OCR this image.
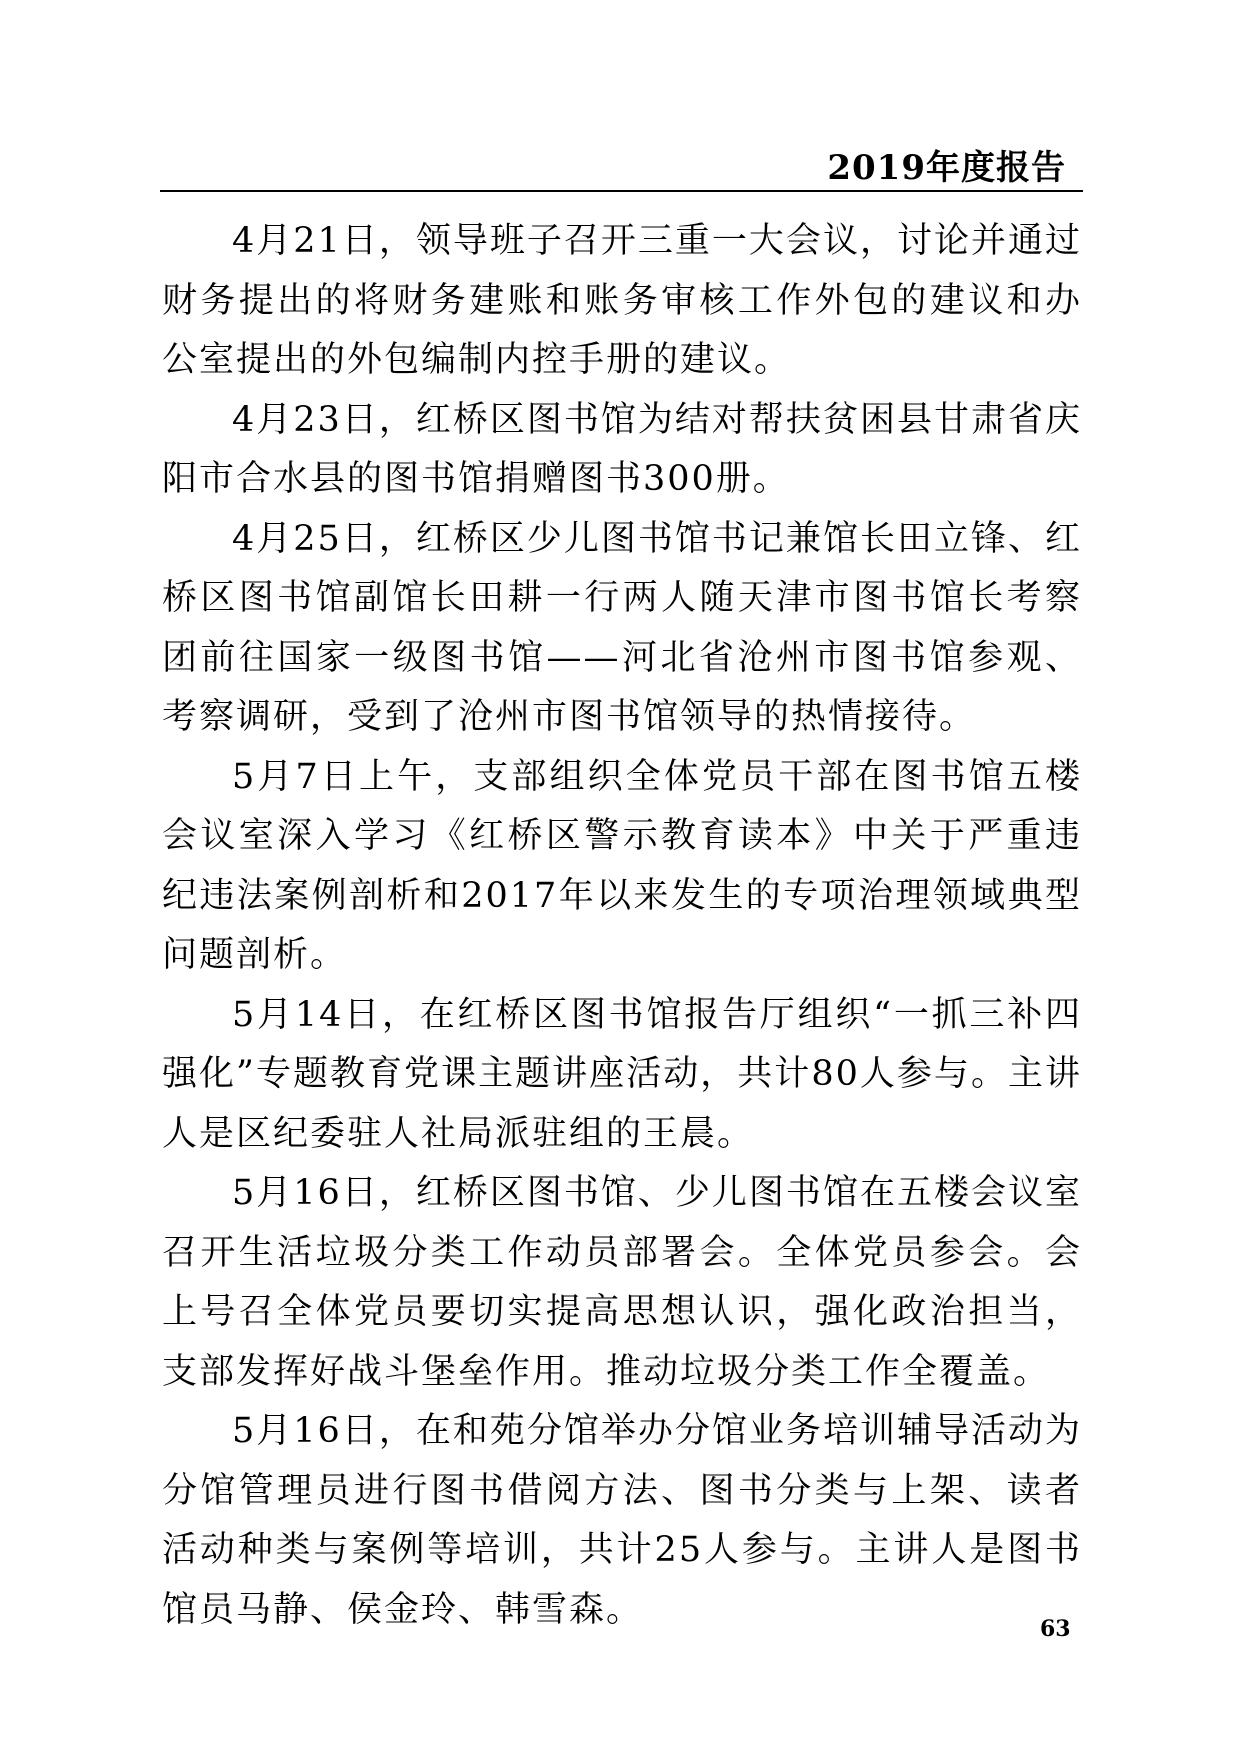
2019年度报告

4月21日，领导班子召开三重一大会议，讨论并通过财务提出的将财务建账和账务审核工作外包的建议和办公室提出的外包编制内控手册的建议。

4月23日，红桥区图书馆为结对帮扶贫困县甘肃省庆阳市合水县的图书馆捐赠图书300册。

4月25日，红桥区少儿图书馆书记兼馆长田立锋、红桥区图书馆副馆长田耕一行两人随天津市图书馆长考察团前往国家一级图书馆——河北省沧州市图书馆参观、考察调研，受到了沧州市图书馆领导的热情接待。

5月7日上午，支部组织全体党员干部在图书馆五楼会议室深入学习《红桥区警示教育读本》中关于严重违纪违法案例剖析和2017年以来发生的专项治理领域典型问题剖析。

5月14日，在红桥区图书馆报告厅组织“一抓三补四强化”专题教育党课主题讲座活动，共计80人参与。主讲人是区纪委驻人社局派驻组的王晨。

5月16日，红桥区图书馆、少儿图书馆在五楼会议室召开生活垃圾分类工作动员部署会。全体党员参会。会上号召全体党员要切实提高思想认识，强化政治担当，支部发挥好战斗堡垒作用。推动垃圾分类工作全覆盖。

5月16日，在和苑分馆举办分馆业务培训辅导活动为分馆管理员进行图书借阅方法、图书分类与上架、读者活动种类与案例等培训，共计25人参与。主讲人是图书馆员马静、侯金玲、韩雪森。	63
